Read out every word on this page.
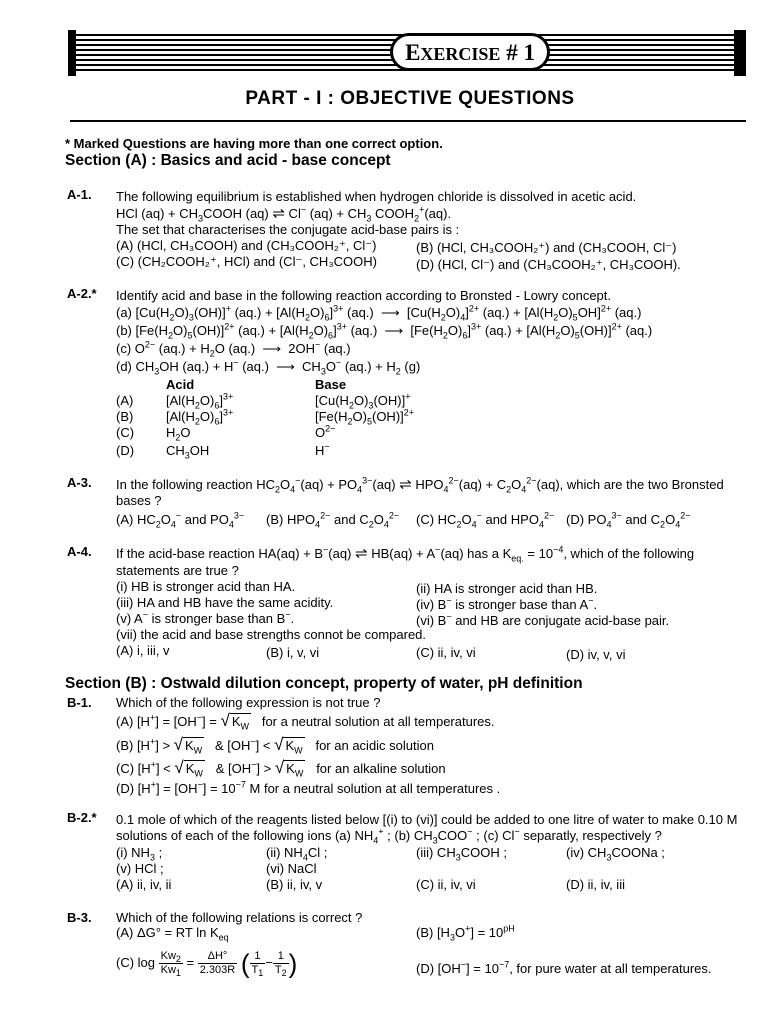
EXERCISE # 1
PART - I : OBJECTIVE QUESTIONS
* Marked Questions are having more than one correct option.
Section (A) : Basics and acid - base concept
A-1. The following equilibrium is established when hydrogen chloride is dissolved in acetic acid.
HCl $(aq) + CH_3COOH$ (aq) ⇌ Cl− $(aq) + CH_3$ $COOH_2^+(aq)$.
The set that characterises the conjugate acid-base pairs is :
(A) (HCl, CH₃COOH) and (CH₃COOH₂⁺, Cl⁻)	(B) (HCl, CH₃COOH₂⁺) and (CH₃COOH, Cl⁻)
(C) (CH₂COOH₂⁺, HCl) and (Cl⁻, CH₃COOH)	(D) (HCl, Cl⁻) and (CH₃COOH₂⁺, CH₃COOH).
A-2.* Identify acid and base in the following reaction according to Bronsted - Lowry concept.
(a) $[Cu(H_2O)_3(OH)]^+$ $(aq.) + [Al(H_2O)_6]^{3+}$ (aq.)  ⟶  $[Cu(H_2O)_4]^{2+}$ $(aq.) + [Al(H_2O)_5OH]^{2+}$ (aq.)
(b) $[Fe(H_2O)_5(OH)]^{2+}$ $(aq.) + [Al(H_2O)_6]^{3+}$ (aq.)  ⟶  $[Fe(H_2O)_6]^{3+}$ $(aq.) + [Al(H_2O)_5(OH)]^{2+}$ (aq.)
(c) $O^{2-}$ $(aq.) + H_2O$ (aq.)  ⟶  2OH− (aq.)
(d) $CH_3OH$ (aq.) + H− (aq.)  ⟶  $CH_3O^-$ $(aq.) + H_2$ (g)
Acid	Base
(A)	$[Al(H_2O)_6]^{3+}$	$[Cu(H_2O)_3(OH)]^+$
(B)	$[Al(H_2O)_6]^{3+}$	$[Fe(H_2O)_5(OH)]^{2+}$
(C) $H_2O$	$O^{2-}$
(D) $CH_3OH$	H−
A-3. In the following reaction $HC_2O_4^-(aq) + PO_4^{3-}(aq)$ ⇌ $HPO_4^{2-}(aq) + C_2O_4^{2-}(aq)$, which are the two Bronsted
bases ?
(A) $HC_2O_4^-$ and $PO_4^{3-}$ (B) $HPO_4^{2-}$ and $C_2O_4^{2-}$ (C) $HC_2O_4^-$ and $HPO_4^{2-}$ (D) $PO_4^{3-}$ and $C_2O_4^{2-}$
A-4. If the acid-base reaction HA(aq) + B−(aq) ⇌ HB(aq) + A−(aq) has a $K_{eq.} = 10^{-4}$, which of the following
statements are true ?
(i) HB is stronger acid than HA.	(ii) HA is stronger acid than HB.
(iii) HA and HB have the same acidity.	(iv) B− is stronger base than A−.
(v) A− is stronger base than B−.	(vi) B− and HB are conjugate acid-base pair.
(vii) the acid and base strengths connot be compared.
(A) i, iii, v	(B) i, v, vi	(C) ii, iv, vi	(D) iv, v, vi
Section (B) : Ostwald dilution concept, property of water, pH definition
B-1. Which of the following expression is not true ?
(A) [H+] = [OH−] = √ $K_W$ for a neutral solution at all temperatures.
(B) [H+] > √ $K_W$   & [OH−] < √ $K_W$ for an acidic solution
(C) [H+] < √ $K_W$   & [OH−] > √ $K_W$ for an alkaline solution
(D) $[H^+] = [OH^-] = 10^{-7}$ M for a neutral solution at all temperatures .
B-2.* 0.1 mole of which of the reagents listed below [(i) to (vi)] could be added to one litre of water to make 0.10 M
solutions of each of the following ions (a) $NH_4^+$ ; (b) $CH_3COO^-$ ; (c) Cl− separatly, respectively ?
(i) $NH_3$ ;	(ii) $NH_4Cl$ ;	(iii) $CH_3COOH$ ;	(iv) $CH_3COONa$ ;
(v) HCl ;	(vi) NaCl
(A) ii, iv, ii	(B) ii, iv, v	(C) ii, iv, vi	(D) ii, iv, iii
B-3. Which of the following relations is correct ?
(A) ΔG° = RT $\ln K_{eq}$	(B) $[H_3O^+] = 10^{pH}$
(C) $\log \frac{Kw_2}{Kw_1} = \frac{\Delta H^\circ}{2.303R}$ ( $\frac{1}{T_1} - \frac{1}{T_2}$ )	(D) $[OH^-] = 10^{-7}$, for pure water at all temperatures.
